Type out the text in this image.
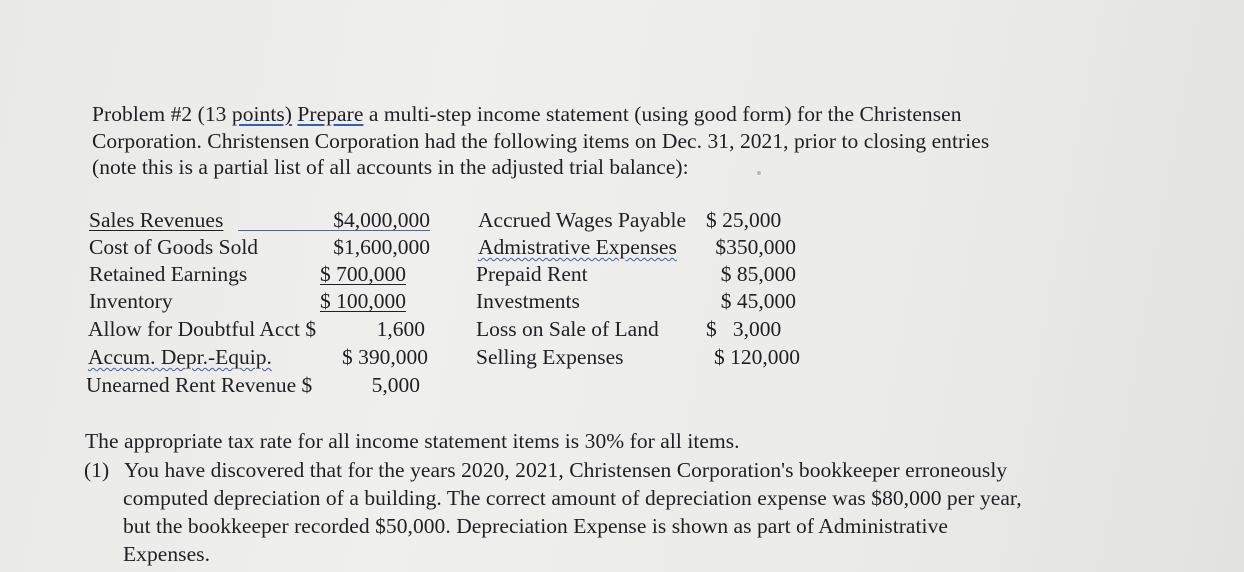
Problem #2 (13 points) Prepare a multi-step income statement (using good form) for the Christensen
Corporation. Christensen Corporation had the following items on Dec. 31, 2021, prior to closing entries
(note this is a partial list of all accounts in the adjusted trial balance):
Sales Revenues	$4,000,000
Cost of Goods Sold	$1,600,000
Retained Earnings	$ 700,000
Inventory	$ 100,000
Allow for Doubtful Acct $	1,600
Accum. Depr.-Equip.	$ 390,000
Unearned Rent Revenue $	5,000
Accrued Wages Payable $ 25,000
Admistrative Expenses	$350,000
Prepaid Rent	$ 85,000
Investments	$ 45,000
Loss on Sale of Land $   3,000
Selling Expenses	$ 120,000
The appropriate tax rate for all income statement items is 30% for all items.
(1) You have discovered that for the years 2020, 2021, Christensen Corporation's bookkeeper erroneously
computed depreciation of a building. The correct amount of depreciation expense was $80,000 per year,
but the bookkeeper recorded $50,000. Depreciation Expense is shown as part of Administrative
Expenses.
